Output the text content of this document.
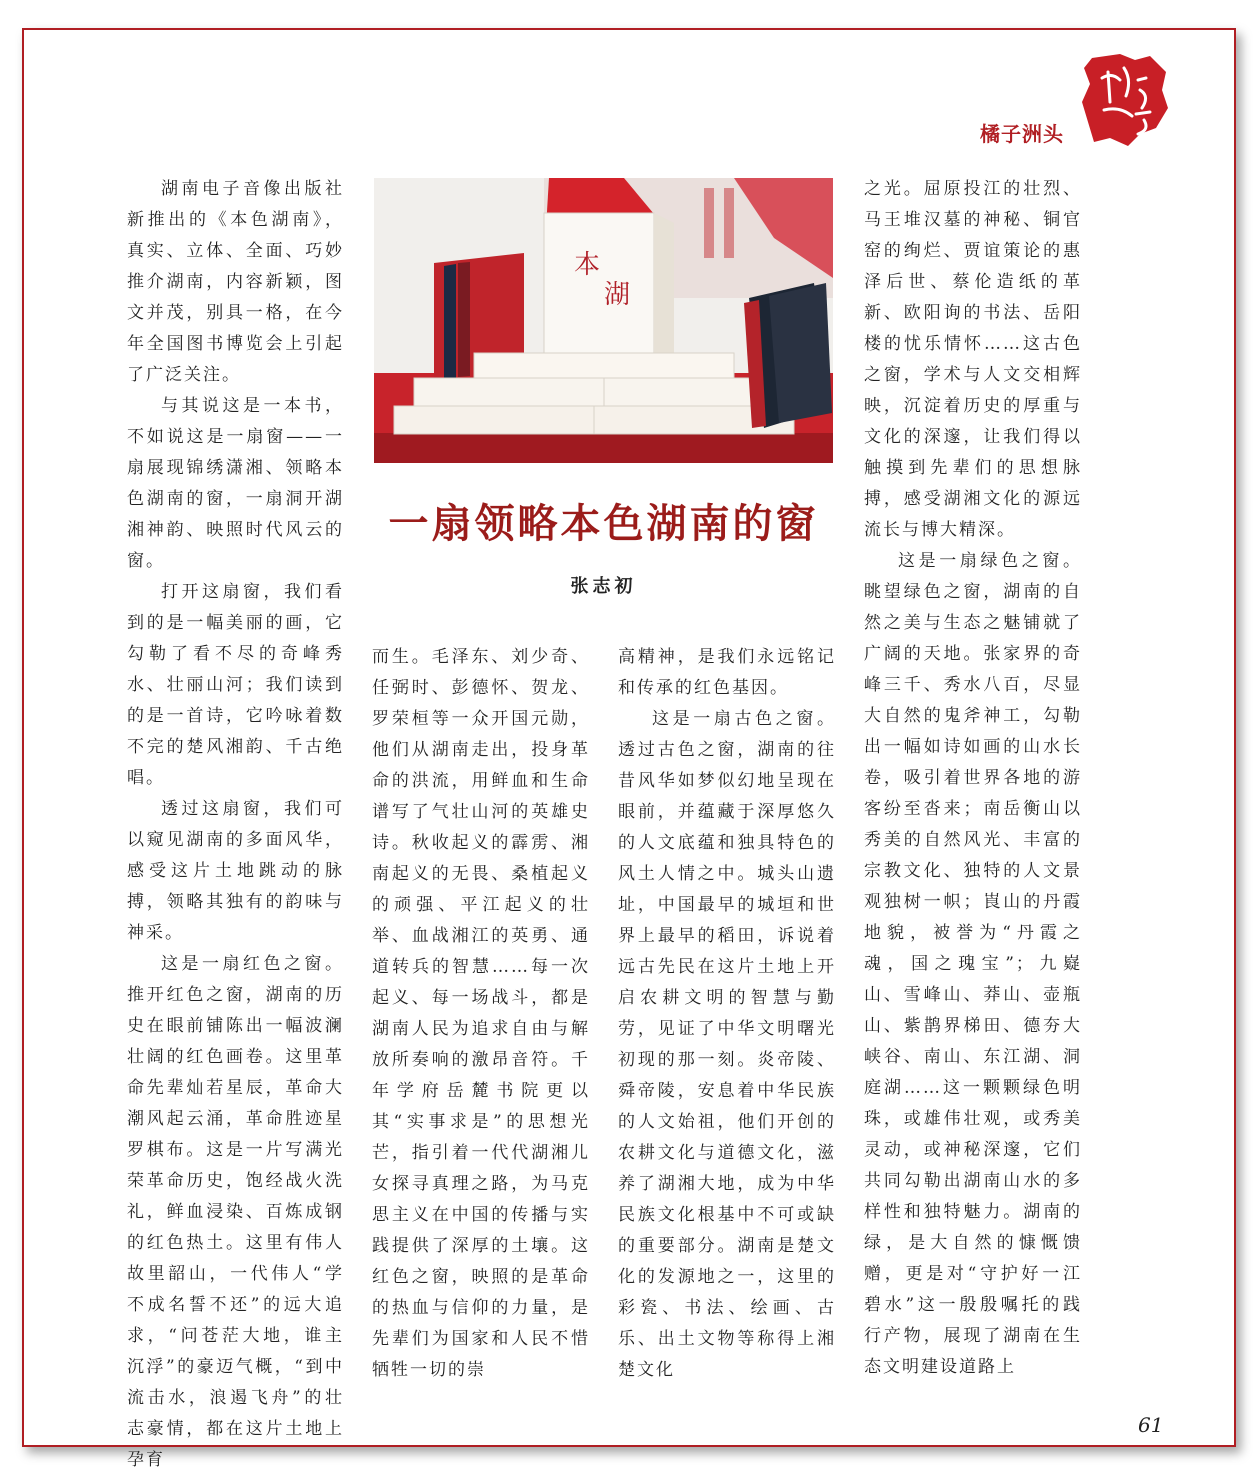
橘子洲头
本
湖
一扇领略本色湖南的窗
张志初

湖南电子音像出版社新推出的《本色湖南》，真实、立体、全面、巧妙推介湖南，内容新颖，图文并茂，别具一格，在今年全国图书博览会上引起了广泛关注。

与其说这是一本书，不如说这是一扇窗——一扇展现锦绣潇湘、领略本色湖南的窗，一扇洞开湖湘神韵、映照时代风云的窗。

打开这扇窗，我们看到的是一幅美丽的画，它勾勒了看不尽的奇峰秀水、壮丽山河；我们读到的是一首诗，它吟咏着数不完的楚风湘韵、千古绝唱。

透过这扇窗，我们可以窥见湖南的多面风华，感受这片土地跳动的脉搏，领略其独有的韵味与神采。

这是一扇红色之窗。推开红色之窗，湖南的历史在眼前铺陈出一幅波澜壮阔的红色画卷。这里革命先辈灿若星辰，革命大潮风起云涌，革命胜迹星罗棋布。这是一片写满光荣革命历史，饱经战火洗礼，鲜血浸染、百炼成钢的红色热土。这里有伟人故里韶山，一代伟人“学不成名誓不还”的远大追求，“问苍茫大地，谁主沉浮”的豪迈气概，“到中流击水，浪遏飞舟”的壮志豪情，都在这片土地上孕育

而生。毛泽东、刘少奇、任弼时、彭德怀、贺龙、罗荣桓等一众开国元勋，他们从湖南走出，投身革命的洪流，用鲜血和生命谱写了气壮山河的英雄史诗。秋收起义的霹雳、湘南起义的无畏、桑植起义的顽强、平江起义的壮举、血战湘江的英勇、通道转兵的智慧……每一次起义、每一场战斗，都是湖南人民为追求自由与解放所奏响的激昂音符。千年学府岳麓书院更以其“实事求是”的思想光芒，指引着一代代湖湘儿女探寻真理之路，为马克思主义在中国的传播与实践提供了深厚的土壤。这红色之窗，映照的是革命的热血与信仰的力量，是先辈们为国家和人民不惜牺牲一切的崇

高精神，是我们永远铭记和传承的红色基因。

这是一扇古色之窗。透过古色之窗，湖南的往昔风华如梦似幻地呈现在眼前，并蕴藏于深厚悠久的人文底蕴和独具特色的风土人情之中。城头山遗址，中国最早的城垣和世界上最早的稻田，诉说着远古先民在这片土地上开启农耕文明的智慧与勤劳，见证了中华文明曙光初现的那一刻。炎帝陵、舜帝陵，安息着中华民族的人文始祖，他们开创的农耕文化与道德文化，滋养了湖湘大地，成为中华民族文化根基中不可或缺的重要部分。湖南是楚文化的发源地之一，这里的彩瓷、书法、绘画、古乐、出土文物等称得上湘楚文化

之光。屈原投江的壮烈、马王堆汉墓的神秘、铜官窑的绚烂、贾谊策论的惠泽后世、蔡伦造纸的革新、欧阳询的书法、岳阳楼的忧乐情怀……这古色之窗，学术与人文交相辉映，沉淀着历史的厚重与文化的深邃，让我们得以触摸到先辈们的思想脉搏，感受湖湘文化的源远流长与博大精深。

这是一扇绿色之窗。眺望绿色之窗，湖南的自然之美与生态之魅铺就了广阔的天地。张家界的奇峰三千、秀水八百，尽显大自然的鬼斧神工，勾勒出一幅如诗如画的山水长卷，吸引着世界各地的游客纷至沓来；南岳衡山以秀美的自然风光、丰富的宗教文化、独特的人文景观独树一帜；崀山的丹霞地貌，被誉为“丹霞之魂，国之瑰宝”；九嶷山、雪峰山、莽山、壶瓶山、紫鹊界梯田、德夯大峡谷、南山、东江湖、洞庭湖……这一颗颗绿色明珠，或雄伟壮观，或秀美灵动，或神秘深邃，它们共同勾勒出湖南山水的多样性和独特魅力。湖南的绿，是大自然的慷慨馈赠，更是对“守护好一江碧水”这一殷殷嘱托的践行产物，展现了湖南在生态文明建设道路上

61
